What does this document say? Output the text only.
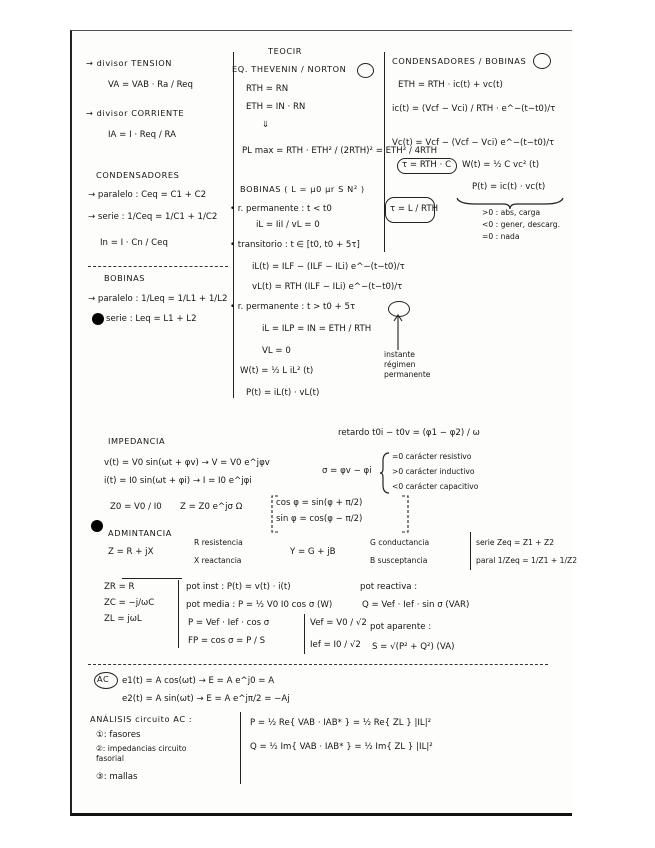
→ divisor TENSION
VA = VAB · Ra / Req
→ divisor CORRIENTE
IA = I · Req / RA
CONDENSADORES
→ paralelo : Ceq = C1 + C2
→ serie : 1/Ceq = 1/C1 + 1/C2
In = I · Cn / Ceq
BOBINAS
→ paralelo : 1/Leq = 1/L1 + 1/L2
serie : Leq = L1 + L2
TEOCIR
EQ. THEVENIN / NORTON
RTH = RN
ETH = IN · RN
⇓
PL max = RTH · ETH² / (2RTH)² = ETH² / 4RTH
BOBINAS ( L = μ0 μr S N² )
• r. permanente : t < t0
iL = IiI / vL = 0
• transitorio : t ∈ [t0, t0 + 5τ]
iL(t) = ILF − (ILF − ILi) e^−(t−t0)/τ
vL(t) = RTH (ILF − ILi) e^−(t−t0)/τ
• r. permanente : t > t0 + 5τ
iL = ILP = IN = ETH / RTH
VL = 0
W(t) = ½ L iL² (t)
P(t) = iL(t) · vL(t)
τ = L / RTH
instante régimen permanente
CONDENSADORES / BOBINAS
ETH = RTH · ic(t) + vc(t)
ic(t) = (Vcf − Vci) / RTH · e^−(t−t0)/τ
Vc(t) = Vcf − (Vcf − Vci) e^−(t−t0)/τ
τ = RTH · C W(t) = ½ C vc² (t)
P(t) = ic(t) · vc(t)
>0 : abs, carga
<0 : gener, descarg.
=0 : nada
IMPEDANCIA
retardo t0i − t0v = (φ1 − φ2) / ω
v(t) = V0 sin(ωt + φv) → V = V0 e^jφv
i(t) = I0 sin(ωt + φi) → I = I0 e^jφi
σ = φv − φi
=0 carácter resistivo
>0 carácter inductivo
<0 carácter capacitivo
Z0 = V0 / I0 Z = Z0 e^jσ Ω	cos φ = sin(φ + π/2)
sin φ = cos(φ − π/2)
ADMINTANCIA
Z = R + jX
R resistencia
X reactancia
Y = G + jB
G conductancia
B susceptancia
serie Zeq = Z1 + Z2
paral 1/Zeq = 1/Z1 + 1/Z2
ZR = R
ZC = −j/ωC
ZL = jωL
pot inst : P(t) = v(t) · i(t)	pot reactiva :
pot media : P = ½ V0 I0 cos σ (W)	Q = Vef · Ief · sin σ (VAR)
P = Vef · Ief · cos σ	Vef = V0 / √2 pot aparente :
FP = cos σ = P / S	Ief = I0 / √2 S = √(P² + Q²) (VA)
AC e1(t) = A cos(ωt) → E = A e^j0 = A
e2(t) = A sin(ωt) → E = A e^jπ/2 = −Aj
ANÁLISIS circuito AC :
①: fasores
②: impedancias circuito fasorial
③: mallas
P = ½ Re{ VAB · IAB* } = ½ Re{ ZL } |IL|²
Q = ½ Im{ VAB · IAB* } = ½ Im{ ZL } |IL|²
